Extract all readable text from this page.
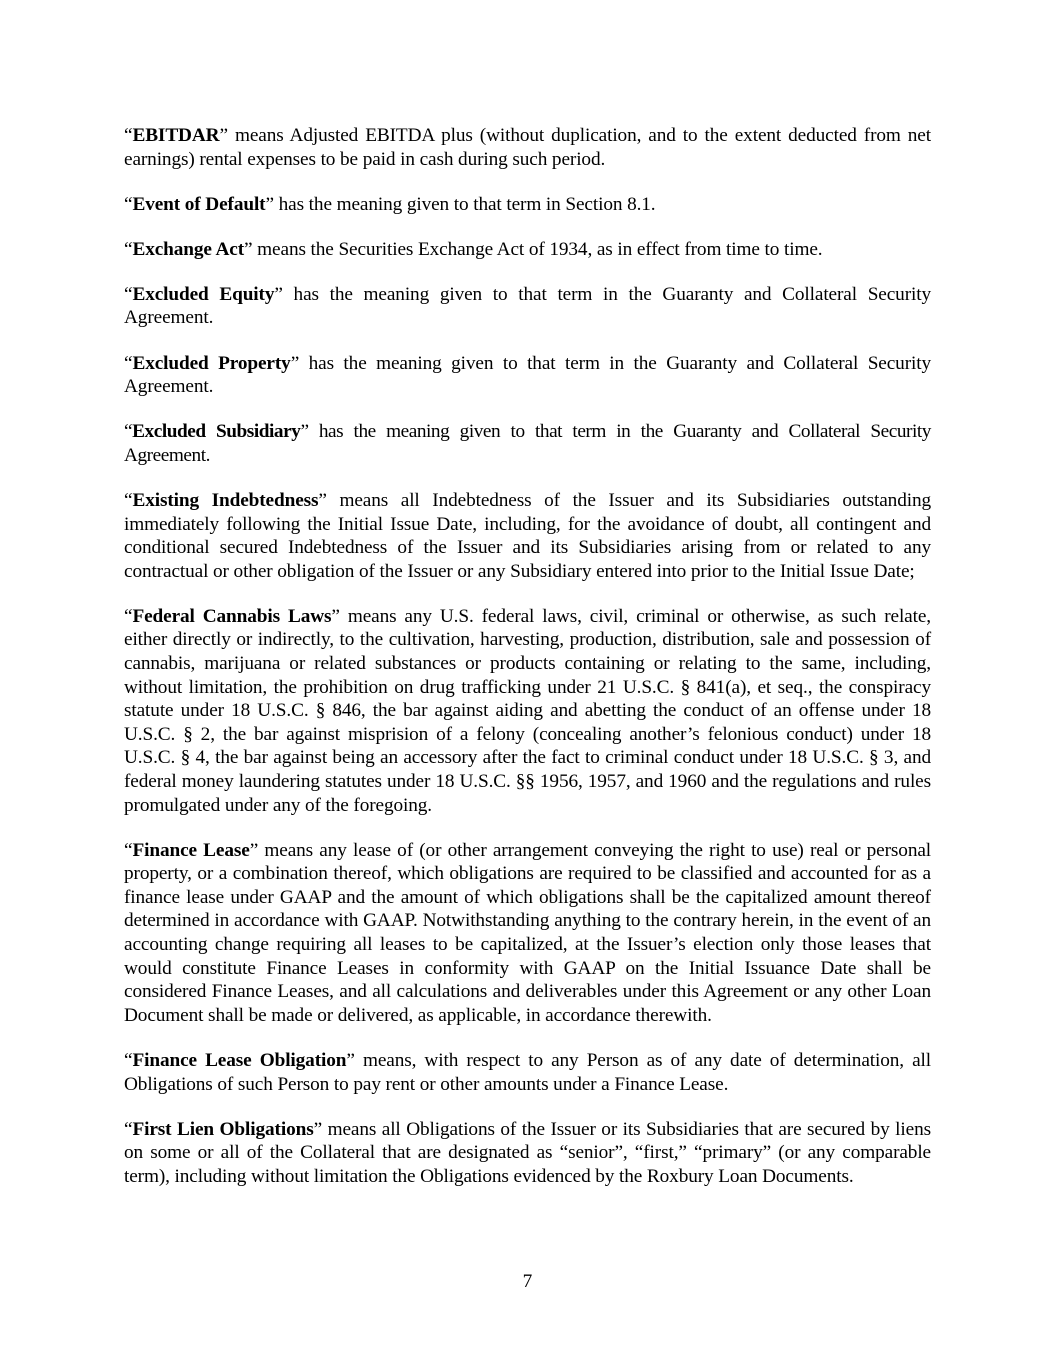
“EBITDAR” means Adjusted EBITDA plus (without duplication, and to the extent deducted from net earnings) rental expenses to be paid in cash during such period.

“Event of Default” has the meaning given to that term in Section 8.1.

“Exchange Act” means the Securities Exchange Act of 1934, as in effect from time to time.

“Excluded Equity” has the meaning given to that term in the Guaranty and Collateral Security Agreement.

“Excluded Property” has the meaning given to that term in the Guaranty and Collateral Security Agreement.

“Excluded Subsidiary” has the meaning given to that term in the Guaranty and Collateral Security Agreement.

“Existing Indebtedness” means all Indebtedness of the Issuer and its Subsidiaries outstanding immediately following the Initial Issue Date, including, for the avoidance of doubt, all contingent and conditional secured Indebtedness of the Issuer and its Subsidiaries arising from or related to any contractual or other obligation of the Issuer or any Subsidiary entered into prior to the Initial Issue Date;

“Federal Cannabis Laws” means any U.S. federal laws, civil, criminal or otherwise, as such relate, either directly or indirectly, to the cultivation, harvesting, production, distribution, sale and possession of cannabis, marijuana or related substances or products containing or relating to the same, including, without limitation, the prohibition on drug trafficking under 21 U.S.C. § 841(a), et seq., the conspiracy statute under 18 U.S.C. § 846, the bar against aiding and abetting the conduct of an offense under 18 U.S.C. § 2, the bar against misprision of a felony (concealing another’s felonious conduct) under 18 U.S.C. § 4, the bar against being an accessory after the fact to criminal conduct under 18 U.S.C. § 3, and federal money laundering statutes under 18 U.S.C. §§ 1956, 1957, and 1960 and the regulations and rules promulgated under any of the foregoing.

“Finance Lease” means any lease of (or other arrangement conveying the right to use) real or personal property, or a combination thereof, which obligations are required to be classified and accounted for as a finance lease under GAAP and the amount of which obligations shall be the capitalized amount thereof determined in accordance with GAAP. Notwithstanding anything to the contrary herein, in the event of an accounting change requiring all leases to be capitalized, at the Issuer’s election only those leases that would constitute Finance Leases in conformity with GAAP on the Initial Issuance Date shall be considered Finance Leases, and all calculations and deliverables under this Agreement or any other Loan Document shall be made or delivered, as applicable, in accordance therewith.

“Finance Lease Obligation” means, with respect to any Person as of any date of determination, all Obligations of such Person to pay rent or other amounts under a Finance Lease.

“First Lien Obligations” means all Obligations of the Issuer or its Subsidiaries that are secured by liens on some or all of the Collateral that are designated as “senior”, “first,” “primary” (or any comparable term), including without limitation the Obligations evidenced by the Roxbury Loan Documents.

7
